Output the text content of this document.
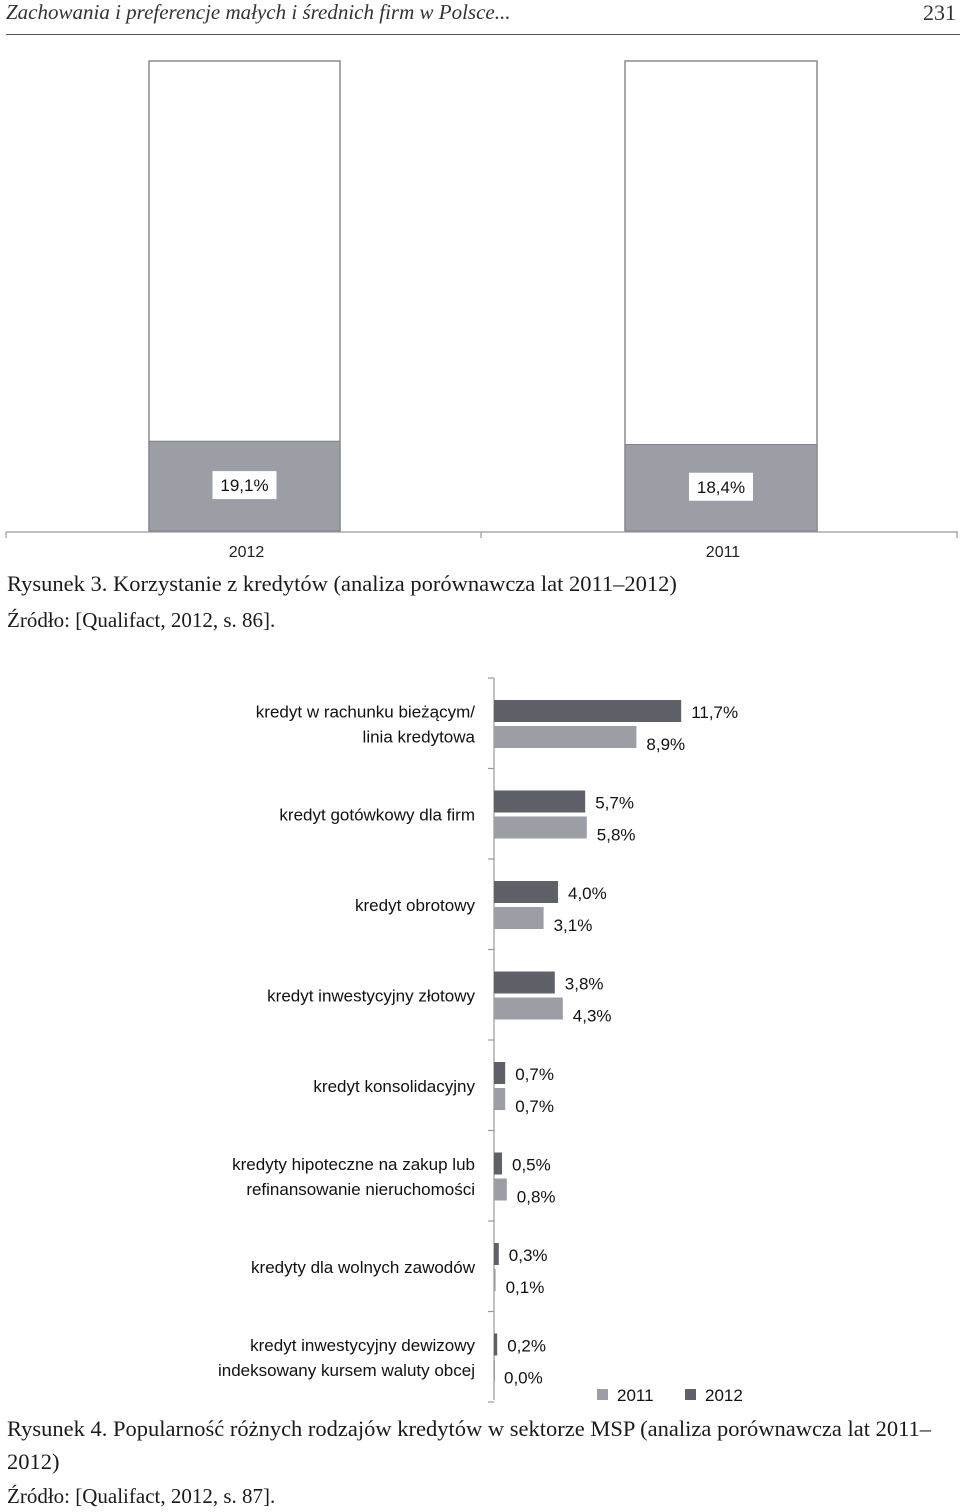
Zachowania i preferencje małych i średnich firm w Polsce...	231
19,1%
2012
18,4%
2011
Rysunek 3. Korzystanie z kredytów (analiza porównawcza lat 2011–2012)
Źródło: [Qualifact, 2012, s. 86].
11,7%
8,9%
kredyt w rachunku bieżącym/
linia kredytowa
5,7%
5,8%
kredyt gotówkowy dla firm
4,0%
3,1%
kredyt obrotowy
3,8%
4,3%
kredyt inwestycyjny złotowy
0,7%
0,7%
kredyt konsolidacyjny
0,5%
0,8%
kredyty hipoteczne na zakup lub
refinansowanie nieruchomości
0,3%
0,1%
kredyty dla wolnych zawodów
0,2%
0,0%
kredyt inwestycyjny dewizowy
indeksowany kursem waluty obcej
2011	2012
Rysunek 4. Popularność różnych rodzajów kredytów w sektorze MSP (analiza porównawcza lat 2011–2012)
Źródło: [Qualifact, 2012, s. 87].
